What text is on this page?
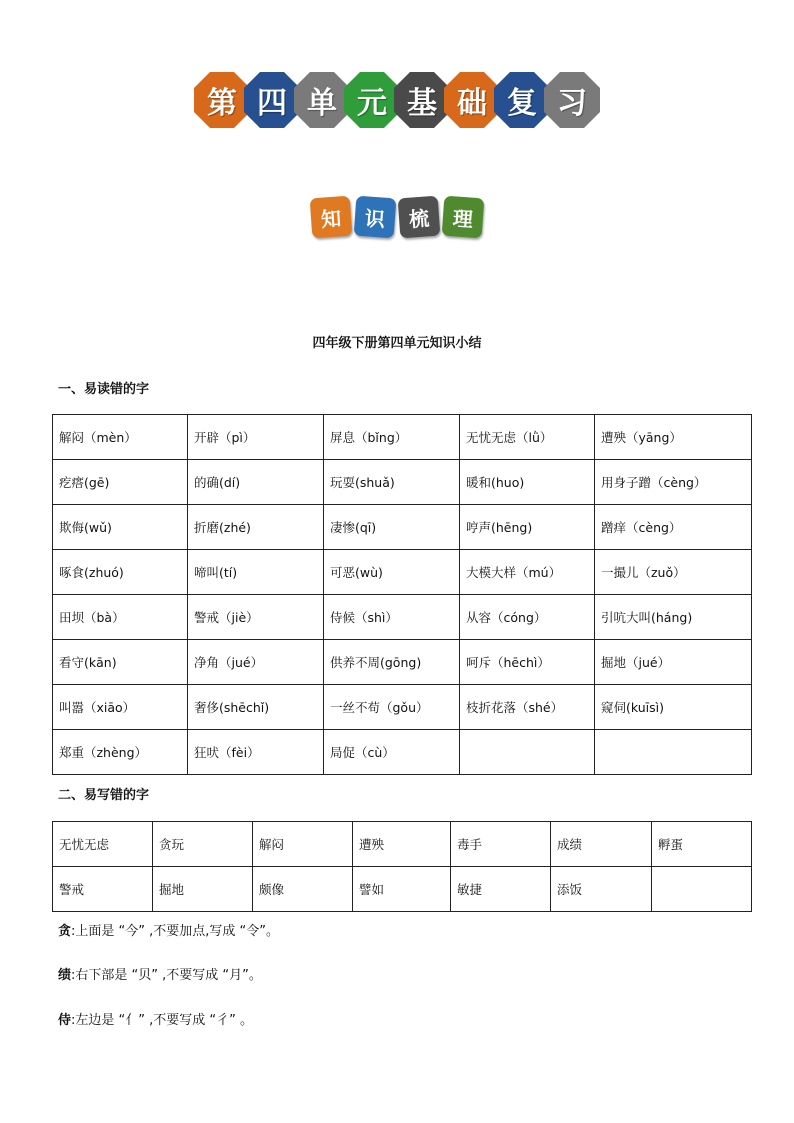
第 四 单 元 基 础 复 习
知	识	梳	理
四年级下册第四单元知识小结
一、易读错的字
解闷（mèn）	开辟（pì）	屏息（bǐng）	无忧无虑（lǜ）	遭殃（yāng）
疙瘩(gē)	的确(dí)	玩耍(shuǎ)	暖和(huo)	用身子蹭（cèng）
欺侮(wǔ)	折磨(zhé)	凄惨(qī)	哼声(hēng)	蹭痒（cèng）
啄食(zhuó)	啼叫(tí)	可恶(wù)	大模大样（mú）	一撮儿（zuǒ）
田坝（bà）	警戒（jiè）	侍候（shì）	从容（cóng）	引吭大叫(háng)
看守(kān)	净角（jué）	供养不周(gōng)	呵斥（hēchì）	掘地（jué）
叫嚣（xiāo）	奢侈(shēchǐ)	一丝不苟（gǒu）	枝折花落（shé）	窥伺(kuīsì)
郑重（zhèng）	狂吠（fèi）	局促（cù）		
二、易写错的字
无忧无虑	贪玩	解闷	遭殃	毒手	成绩	孵蛋
警戒	掘地	颇像	譬如	敏捷	添饭	

贪:上面是 “今” ,不要加点,写成 “令”。

绩:右下部是 “贝” ,不要写成 “月”。

侍:左边是 “亻” ,不要写成 “彳” 。
